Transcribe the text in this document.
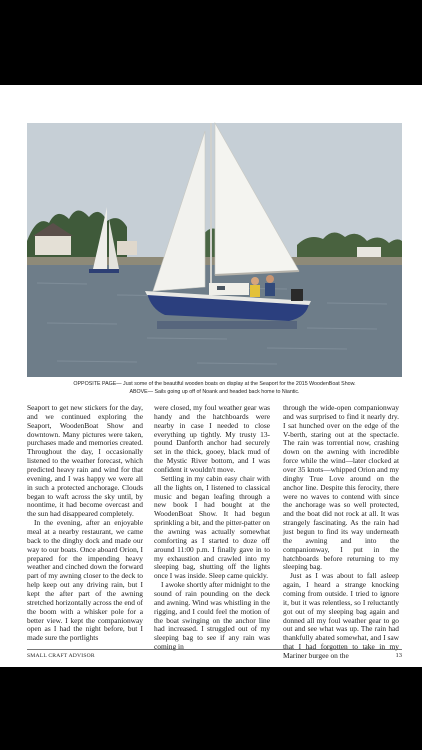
OPPOSITE PAGE— Just some of the beautiful wooden boats on display at the Seaport for the 2015 WoodenBoat Show.
ABOVE— Sails going up off of Noank and headed back home to Niantic.

Seaport to get new stickers for the day, and we continued exploring the Seaport, WoodenBoat Show and downtown. Many pictures were taken, purchases made and memories created. Throughout the day, I occasionally listened to the weather forecast, which predicted heavy rain and wind for that evening, and I was happy we were all in such a protected anchorage. Clouds began to waft across the sky until, by noontime, it had become overcast and the sun had disappeared completely.

In the evening, after an enjoyable meal at a nearby restaurant, we came back to the dinghy dock and made our way to our boats. Once aboard Orion, I prepared for the impending heavy weather and cinched down the forward part of my awning closer to the deck to help keep out any driving rain, but I kept the after part of the awning stretched horizontally across the end of the boom with a whisker pole for a better view. I kept the companionway open as I had the night before, but I made sure the portlights

were closed, my foul weather gear was handy and the hatchboards were nearby in case I needed to close everything up tightly. My trusty 13-pound Danforth anchor had securely set in the thick, gooey, black mud of the Mystic River bottom, and I was confident it wouldn't move.

Settling in my cabin easy chair with all the lights on, I listened to classical music and began leafing through a new book I had bought at the WoodenBoat Show. It had begun sprinkling a bit, and the pitter-patter on the awning was actually somewhat comforting as I started to doze off around 11:00 p.m. I finally gave in to my exhaustion and crawled into my sleeping bag, shutting off the lights once I was inside. Sleep came quickly.

I awoke shortly after midnight to the sound of rain pounding on the deck and awning. Wind was whistling in the rigging, and I could feel the motion of the boat swinging on the anchor line had increased. I struggled out of my sleeping bag to see if any rain was coming in

through the wide-open companionway and was surprised to find it nearly dry. I sat hunched over on the edge of the V-berth, staring out at the spectacle. The rain was torrential now, crashing down on the awning with incredible force while the wind—later clocked at over 35 knots—whipped Orion and my dinghy True Love around on the anchor line. Despite this ferocity, there were no waves to contend with since the anchorage was so well protected, and the boat did not rock at all. It was strangely fascinating. As the rain had just begun to find its way underneath the awning and into the companionway, I put in the hatchboards before returning to my sleeping bag.

Just as I was about to fall asleep again, I heard a strange knocking coming from outside. I tried to ignore it, but it was relentless, so I reluctantly got out of my sleeping bag again and donned all my foul weather gear to go out and see what was up. The rain had thankfully abated somewhat, and I saw that I had forgotten to take in my Mariner burgee on the

SMALL CRAFT ADVISOR	13
